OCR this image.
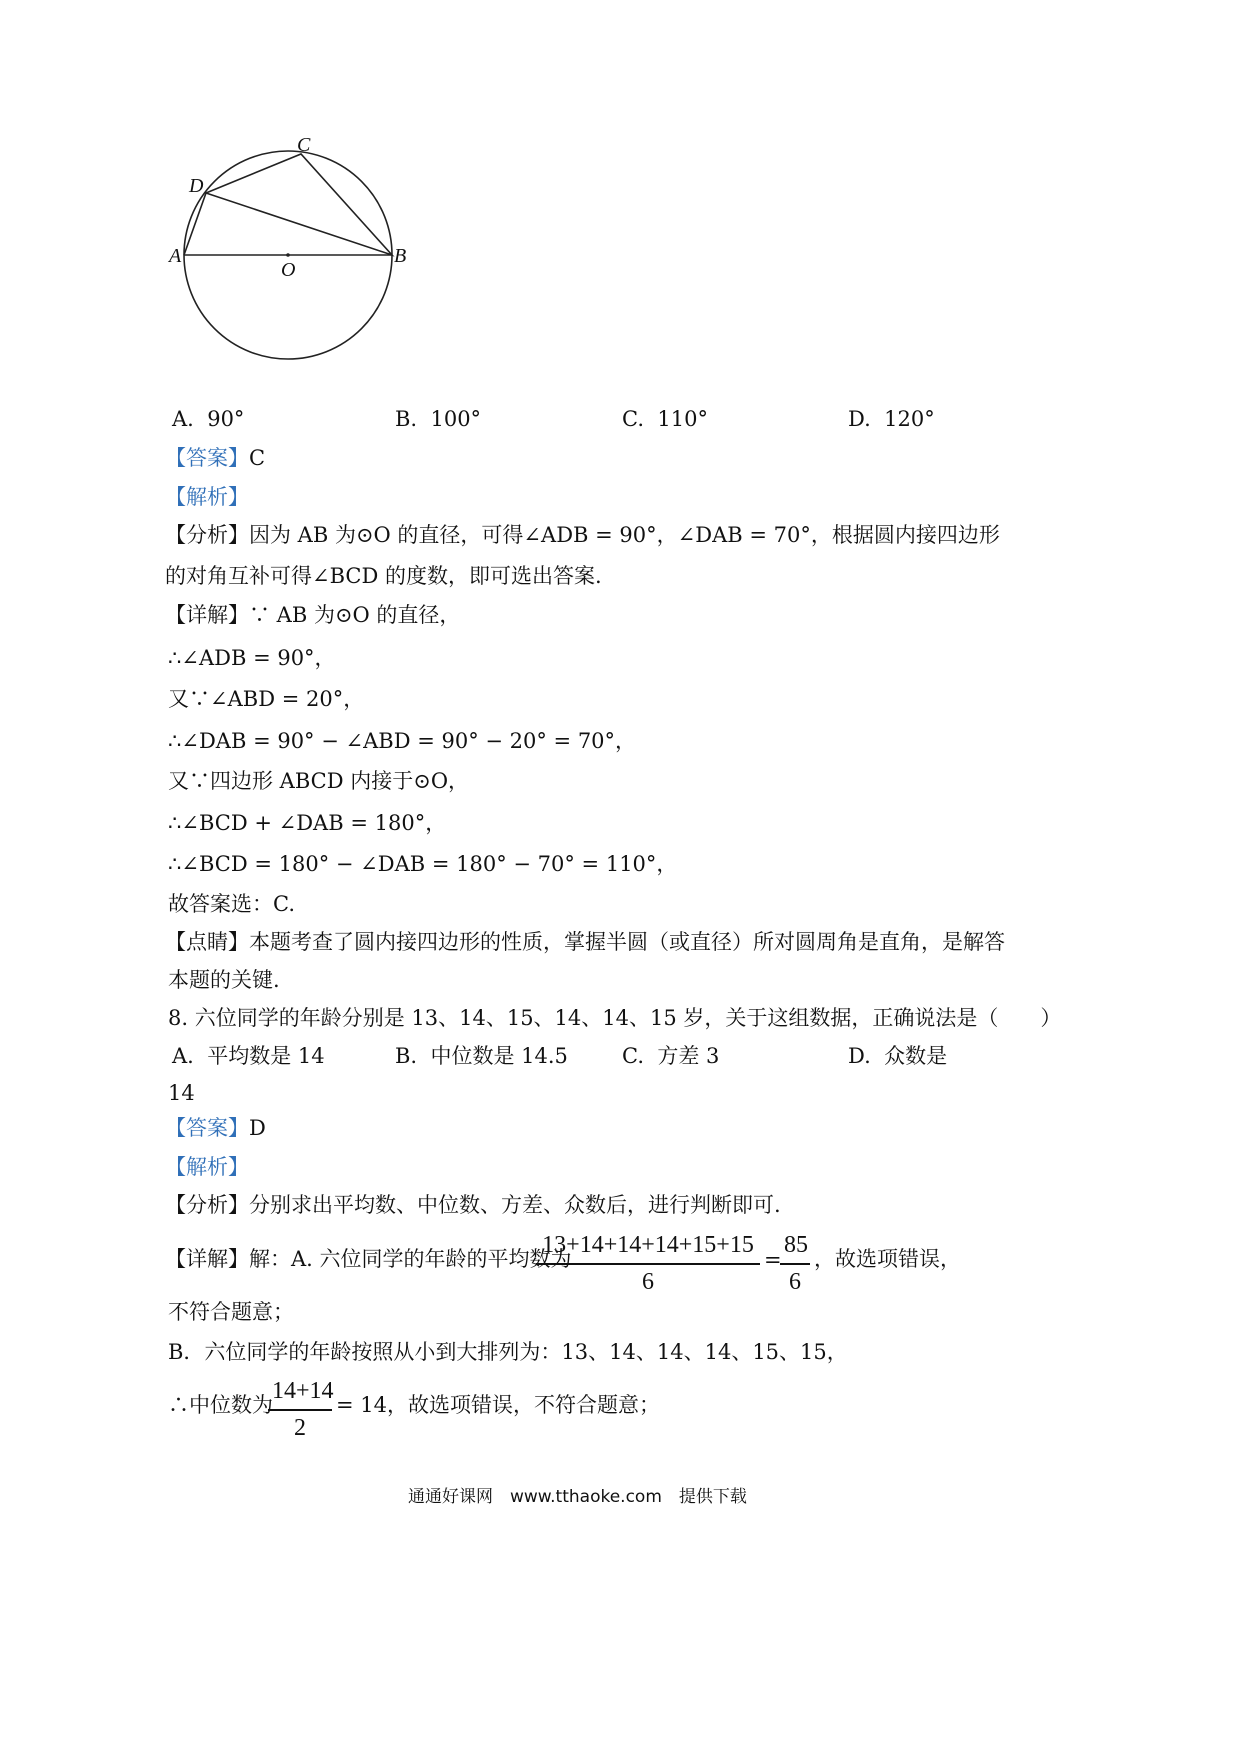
A	B
C
D
O
A. 90°	B. 100°	C. 110°	D. 120°
【答案】C
【解析】
【分析】因为 AB 为⊙O 的直径，可得∠ADB = 90°，∠DAB = 70°，根据圆内接四边形
的对角互补可得∠BCD 的度数，即可选出答案.
【详解】∵ AB 为⊙O 的直径，
∴∠ADB = 90°，
又∵∠ABD = 20°，
∴∠DAB = 90° − ∠ABD = 90° − 20° = 70°，
又∵四边形 ABCD 内接于⊙O，
∴∠BCD + ∠DAB = 180°，
∴∠BCD = 180° − ∠DAB = 180° − 70° = 110°，
故答案选：C.
【点睛】本题考查了圆内接四边形的性质，掌握半圆（或直径）所对圆周角是直角，是解答
本题的关键.
8. 六位同学的年龄分别是 13、14、15、14、14、15 岁，关于这组数据，正确说法是（　　）
A. 平均数是 14	B. 中位数是 14.5	C. 方差 3	D. 众数是
14
【答案】D
【解析】
【分析】分别求出平均数、中位数、方差、众数后，进行判断即可.
【详解】解：A. 六位同学的年龄的平均数为
13+14+14+14+15+15
6
=
85
6
，故选项错误，
不符合题意；
B．六位同学的年龄按照从小到大排列为：13、14、14、14、15、15，
∴中位数为
14+14
2
= 14，故选项错误，不符合题意；
通通好课网　www.tthaoke.com　提供下载
